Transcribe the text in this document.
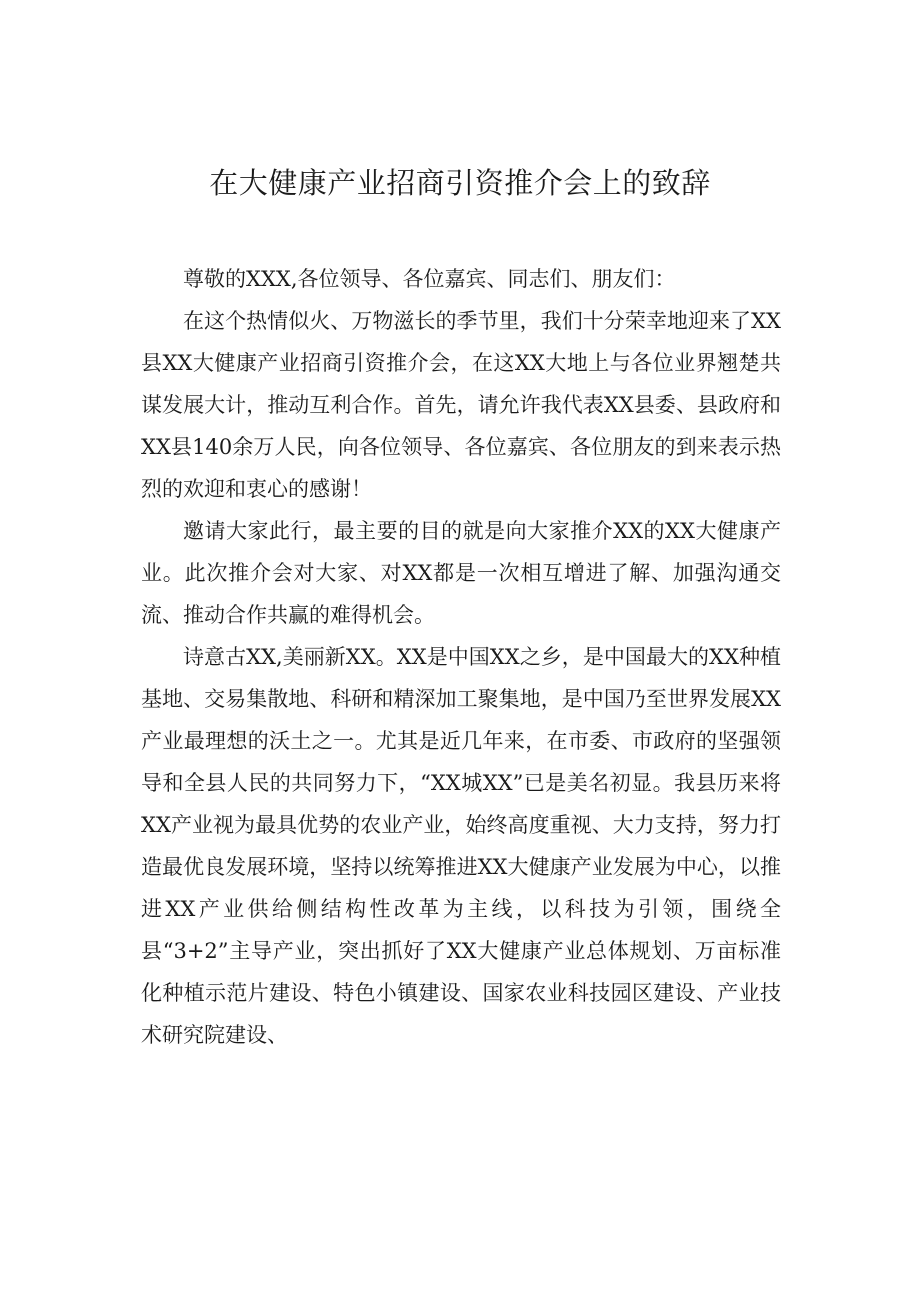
在大健康产业招商引资推介会上的致辞

尊敬的XXX,各位领导、各位嘉宾、同志们、朋友们：

在这个热情似火、万物滋长的季节里，我们十分荣幸地迎来了XX县XX大健康产业招商引资推介会，在这XX大地上与各位业界翘楚共谋发展大计，推动互利合作。首先，请允许我代表XX县委、县政府和XX县140余万人民，向各位领导、各位嘉宾、各位朋友的到来表示热烈的欢迎和衷心的感谢！

邀请大家此行，最主要的目的就是向大家推介XX的XX大健康产业。此次推介会对大家、对XX都是一次相互增进了解、加强沟通交流、推动合作共赢的难得机会。

诗意古XX,美丽新XX。XX是中国XX之乡，是中国最大的XX种植基地、交易集散地、科研和精深加工聚集地，是中国乃至世界发展XX产业最理想的沃土之一。尤其是近几年来，在市委、市政府的坚强领导和全县人民的共同努力下，“XX城XX”已是美名初显。我县历来将XX产业视为最具优势的农业产业，始终高度重视、大力支持，努力打造最优良发展环境，坚持以统筹推进XX大健康产业发展为中心，以推进XX产业供给侧结构性改革为主线，以科技为引领，围绕全县“3+2”主导产业，突出抓好了XX大健康产业总体规划、万亩标准化种植示范片建设、特色小镇建设、国家农业科技园区建设、产业技术研究院建设、
